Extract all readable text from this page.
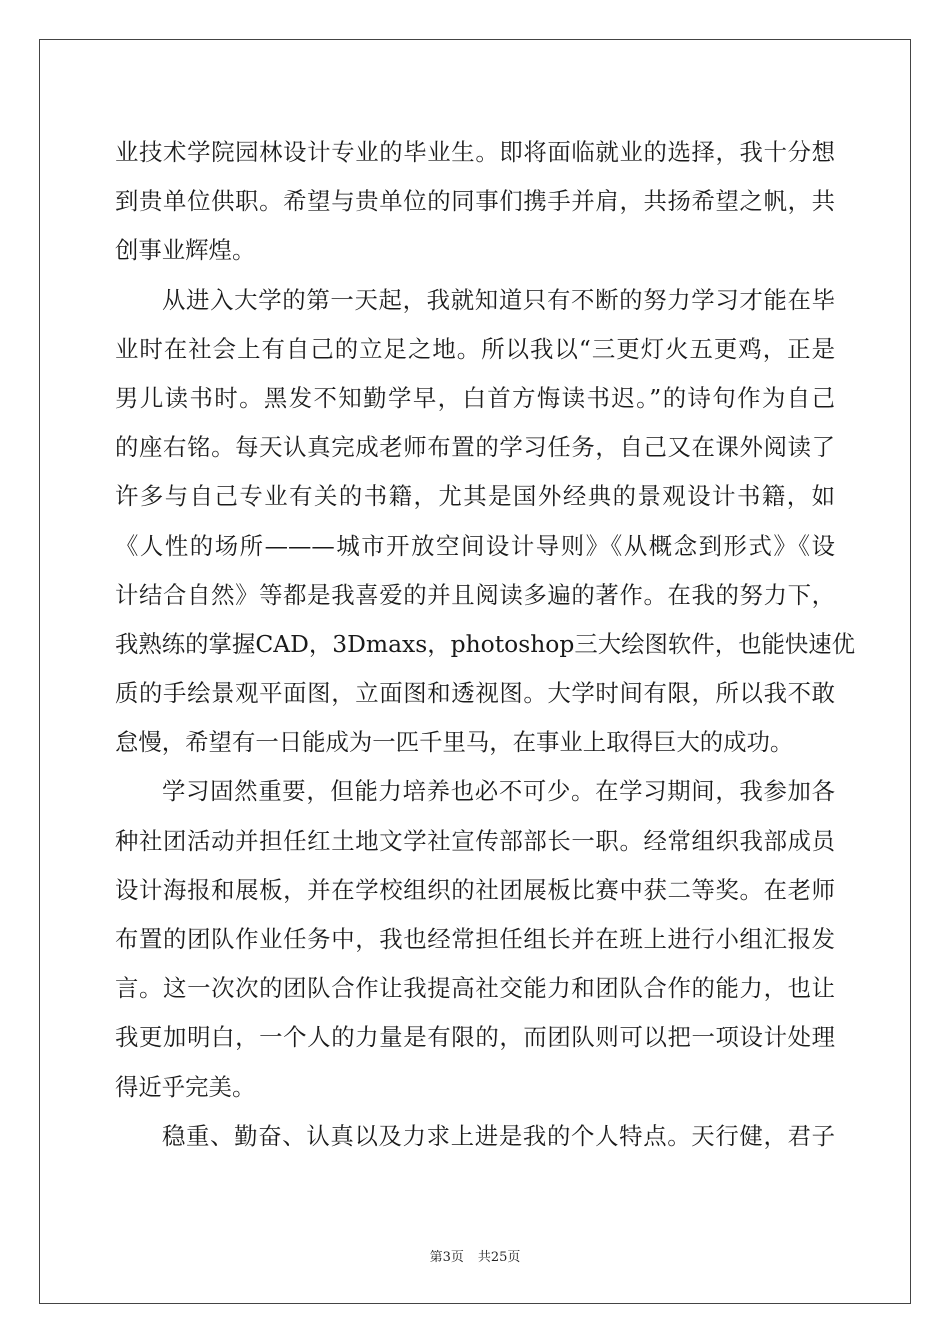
业技术学院园林设计专业的毕业生。即将面临就业的选择，我十分想
到贵单位供职。希望与贵单位的同事们携手并肩，共扬希望之帆，共
创事业辉煌。
从进入大学的第一天起，我就知道只有不断的努力学习才能在毕
业时在社会上有自己的立足之地。所以我以“三更灯火五更鸡，正是
男儿读书时。黑发不知勤学早，白首方悔读书迟。”的诗句作为自己
的座右铭。每天认真完成老师布置的学习任务，自己又在课外阅读了
许多与自己专业有关的书籍，尤其是国外经典的景观设计书籍，如
《人性的场所———城市开放空间设计导则》《从概念到形式》《设
计结合自然》等都是我喜爱的并且阅读多遍的著作。在我的努力下，
我熟练的掌握CAD，3Dmaxs，photoshop三大绘图软件，也能快速优
质的手绘景观平面图，立面图和透视图。大学时间有限，所以我不敢
怠慢，希望有一日能成为一匹千里马，在事业上取得巨大的成功。
学习固然重要，但能力培养也必不可少。在学习期间，我参加各
种社团活动并担任红土地文学社宣传部部长一职。经常组织我部成员
设计海报和展板，并在学校组织的社团展板比赛中获二等奖。在老师
布置的团队作业任务中，我也经常担任组长并在班上进行小组汇报发
言。这一次次的团队合作让我提高社交能力和团队合作的能力，也让
我更加明白，一个人的力量是有限的，而团队则可以把一项设计处理
得近乎完美。
稳重、勤奋、认真以及力求上进是我的个人特点。天行健，君子
第3页 共25页
